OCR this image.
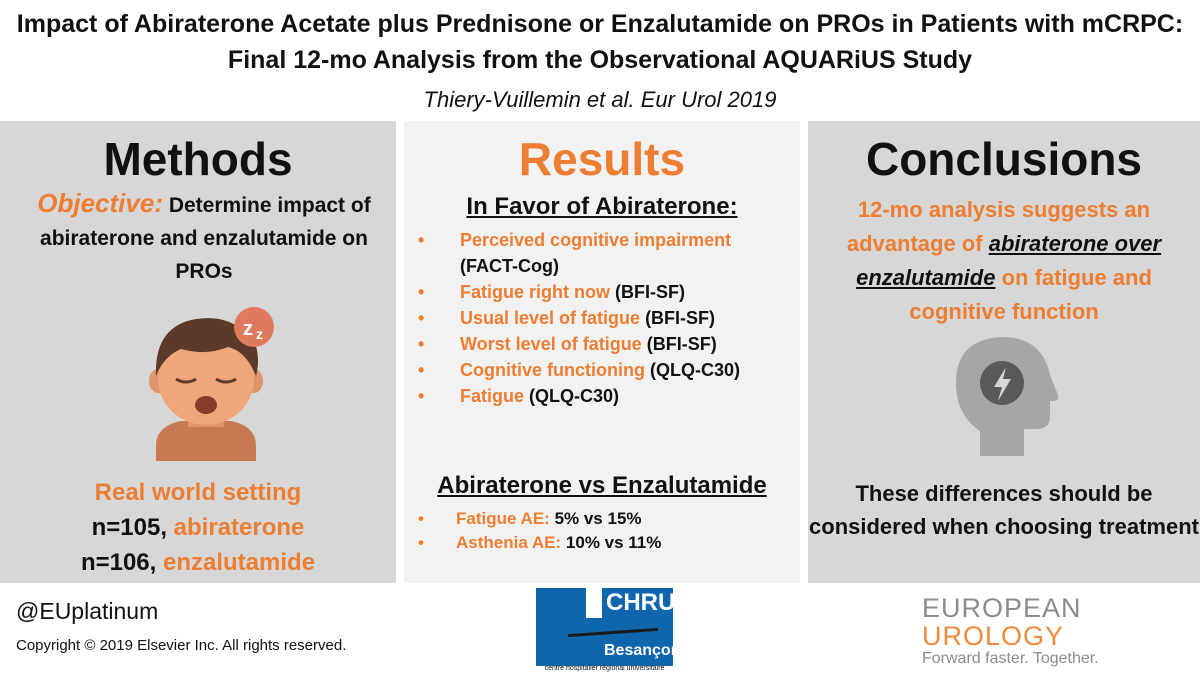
Impact of Abiraterone Acetate plus Prednisone or Enzalutamide on PROs in Patients with mCRPC: Final 12-mo Analysis from the Observational AQUARiUS Study
Thiery-Vuillemin et al. Eur Urol 2019
Methods
Objective: Determine impact of abiraterone and enzalutamide on PROs
z z
Real world setting
n=105, abiraterone
n=106, enzalutamide
Results
In Favor of Abiraterone:
• Perceived cognitive impairment (FACT-Cog)
• Fatigue right now (BFI-SF)
• Usual level of fatigue (BFI-SF)
• Worst level of fatigue (BFI-SF)
• Cognitive functioning (QLQ-C30)
• Fatigue (QLQ-C30)
Abiraterone vs Enzalutamide
• Fatigue AE: 5% vs 15%
• Asthenia AE: 10% vs 11%
Conclusions
12-mo analysis suggests an advantage of abiraterone over enzalutamide on fatigue and cognitive function
These differences should be considered when choosing treatment
@EUplatinum
Copyright © 2019 Elsevier Inc. All rights reserved.
CHRU
Besançon
centre hospitalier régional universitaire
EUROPEAN
UROLOGY
Forward faster. Together.
